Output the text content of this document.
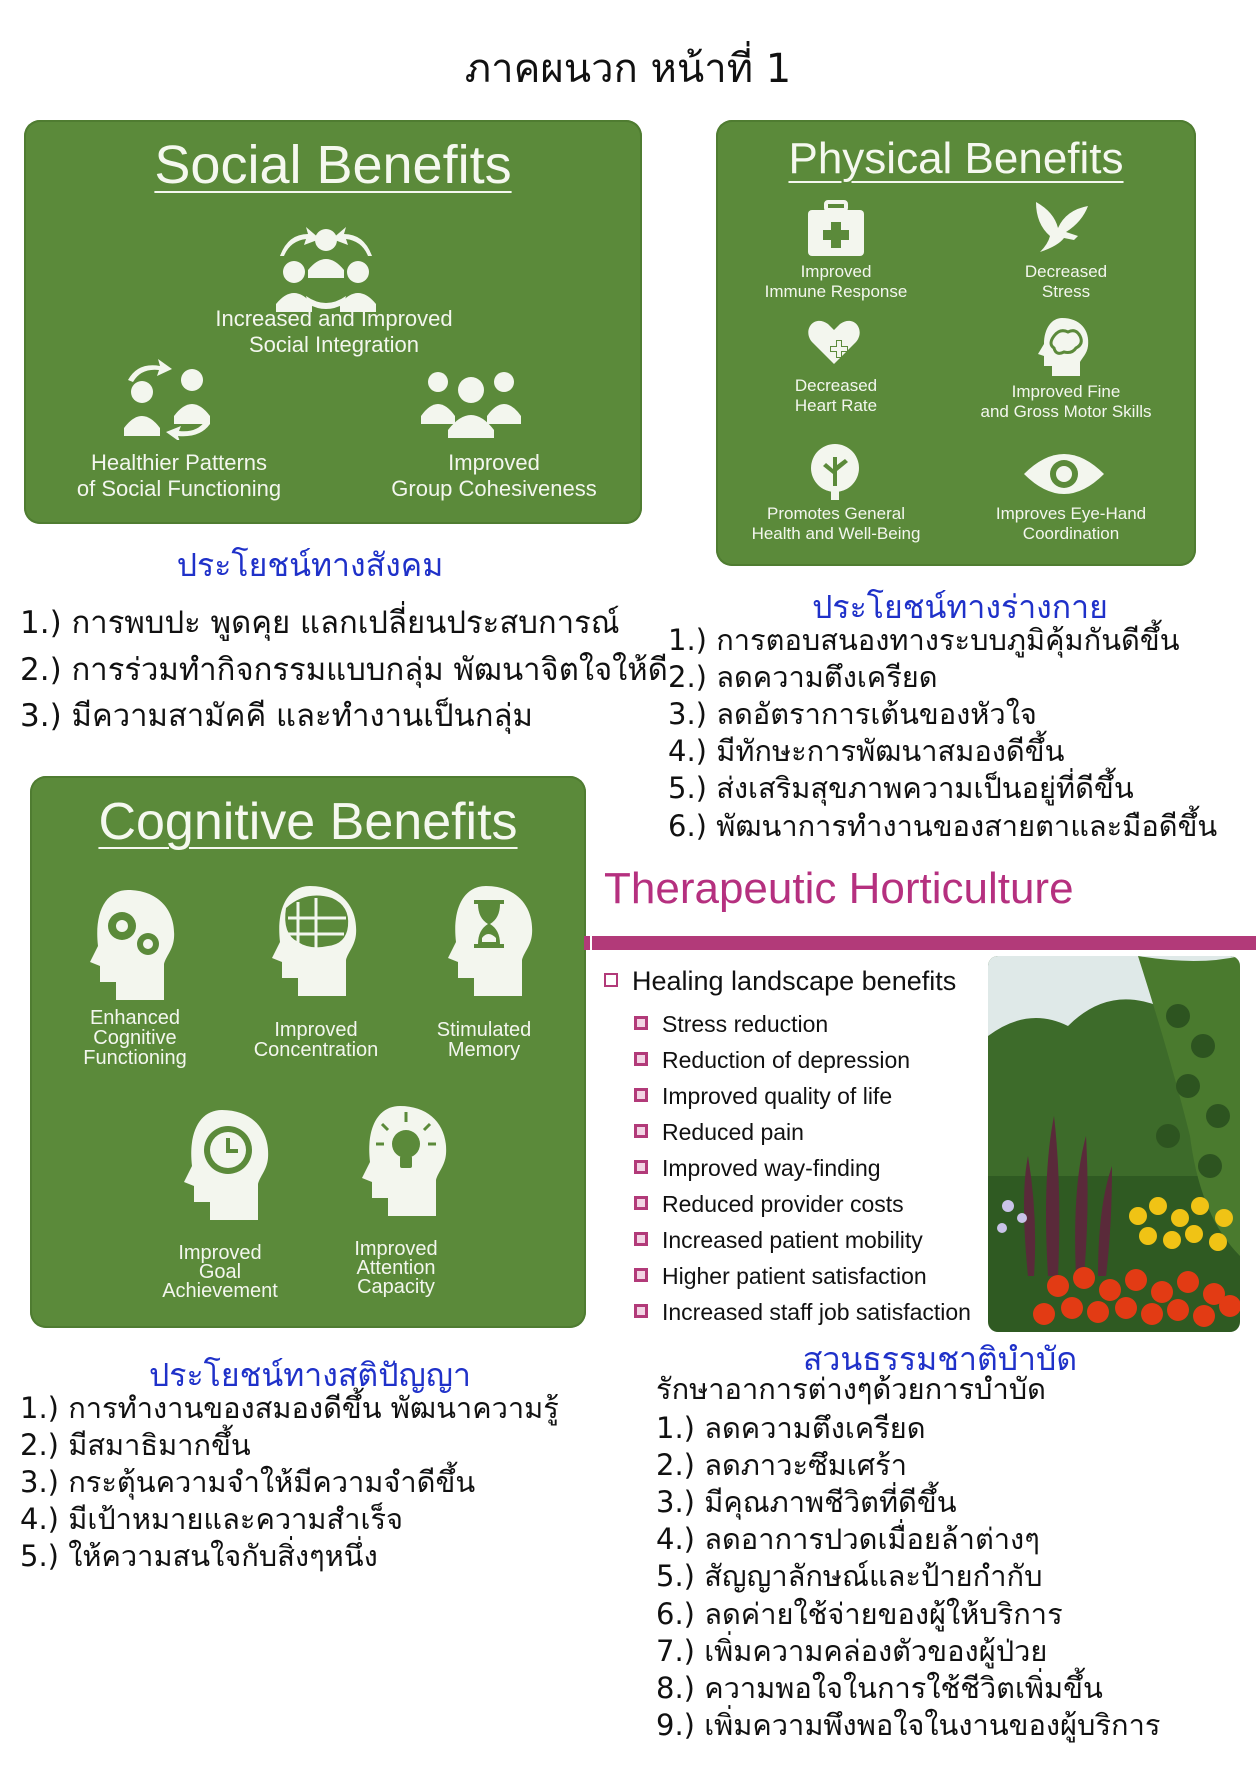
ภาคผนวก หน้าที่ 1
Social Benefits
Increased and Improved
Social Integration
Healthier Patterns
of Social Functioning
Improved
Group Cohesiveness
ประโยชน์ทางสังคม
1.) การพบปะ พูดคุย แลกเปลี่ยนประสบการณ์
2.) การร่วมทำกิจกรรมแบบกลุ่ม พัฒนาจิตใจให้ดี
3.) มีความสามัคคี และทำงานเป็นกลุ่ม
Physical Benefits
Improved
Immune Response
Decreased
Stress
Decreased
Heart Rate
Improved Fine
and Gross Motor Skills
Promotes General
Health and Well-Being
Improves Eye-Hand
Coordination
ประโยชน์ทางร่างกาย
1.) การตอบสนองทางระบบภูมิคุ้มกันดีขึ้น
2.) ลดความตึงเครียด
3.) ลดอัตราการเต้นของหัวใจ
4.) มีทักษะการพัฒนาสมองดีขึ้น
5.) ส่งเสริมสุขภาพความเป็นอยู่ที่ดีขึ้น
6.) พัฒนาการทำงานของสายตาและมือดีขึ้น
Cognitive Benefits
Enhanced
Cognitive
Functioning
Improved
Concentration
Stimulated
Memory
Improved
Goal
Achievement
Improved
Attention
Capacity
ประโยชน์ทางสติปัญญา
1.) การทำงานของสมองดีขึ้น พัฒนาความรู้
2.) มีสมาธิมากขึ้น
3.) กระตุ้นความจำให้มีความจำดีขึ้น
4.) มีเป้าหมายและความสำเร็จ
5.) ให้ความสนใจกับสิ่งๆหนึ่ง
Therapeutic Horticulture
Healing landscape benefits
Stress reduction
Reduction of depression
Improved quality of life
Reduced pain
Improved way-finding
Reduced provider costs
Increased patient mobility
Higher patient satisfaction
Increased staff job satisfaction
สวนธรรมชาติบำบัด
รักษาอาการต่างๆด้วยการบำบัด
1.) ลดความตึงเครียด
2.) ลดภาวะซึมเศร้า
3.) มีคุณภาพชีวิตที่ดีขึ้น
4.) ลดอาการปวดเมื่อยล้าต่างๆ
5.) สัญญาลักษณ์และป้ายกำกับ
6.) ลดค่ายใช้จ่ายของผู้ให้บริการ
7.) เพิ่มความคล่องตัวของผู้ป่วย
8.) ความพอใจในการใช้ชีวิตเพิ่มขึ้น
9.) เพิ่มความพึงพอใจในงานของผู้บริการ
